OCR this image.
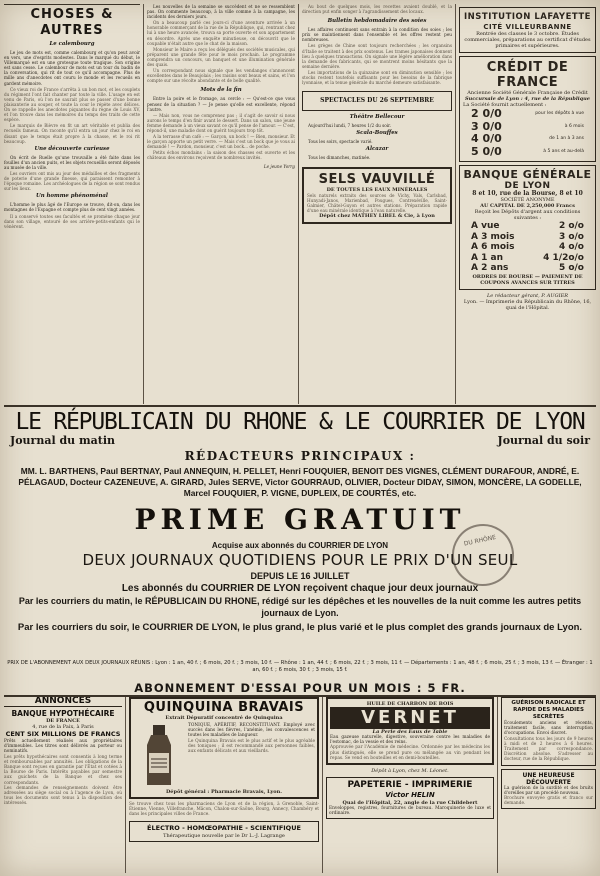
CHOSES & AUTRES
Le calembourg
Le jeu de mots est, comme calembourg et qu'on peut avoir en vers, une d'esprits modestes. Dans le marqué du début, le Villemarqué est en une grotesque toute tragique. Son origine est sans cesse. Le calembour de mots est un tour du badin de la conversation, qui rit de tout ce qu'il accompagne. Plus de mille ans d'anecdotes ont couru le monde et les recueils en gardent mémoire.
Ce vieux roi de France s'arrêta à un bon mot, et les couplets du régiment l'ont fait chanter par toute la ville. L'usage en est venu de Paris, où l'on ne saurait plus se passer d'une bonne plaisanterie au souper, et toute la cour le répète avec délices. On se rappelle les anecdotes piquantes du règne de Louis XV, et l'on trouve dans les mémoires du temps des traits de cette espèce.
Le marquis de Bièvre en fit un art véritable et publia des recueils fameux. On raconte qu'il entra un jour chez le roi en disant que le temps était propre à la chasse, et le roi rit beaucoup.
Une découverte curieuse
On écrit de Ruelle qu'une trouvaille a été faite dans les fouilles d'un ancien puits, et les objets recueillis seront déposés au musée de la ville.
Les ouvriers ont mis au jour des médailles et des fragments de poterie d'une grande finesse, qui paraissent remonter à l'époque romaine. Les archéologues de la région se sont rendus sur les lieux.
Un homme phénoménal
L'homme le plus âgé de l'Europe se trouve, dit-on, dans les montagnes de l'Espagne et compte plus de cent vingt années.
Il a conservé toutes ses facultés et se promène chaque jour dans son village, entouré de ses arrière-petits-enfants qui le vénèrent.
Les nouvelles de la semaine se succèdent et ne se ressemblent pas. On commente beaucoup, à la ville comme à la campagne, les incidents des derniers jours.
On a beaucoup parlé ces jours-ci d'une aventure arrivée à un honorable commerçant de la rue de la République, qui, rentrant chez lui à une heure avancée, trouva sa porte ouverte et son appartement en désordre. Après une enquête minutieuse, on découvrit que le coupable n'était autre que le chat de la maison.
Monsieur le Maire a reçu les délégués des sociétés musicales, qui préparent une grande fête pour le mois prochain. Le programme comprendra un concours, un banquet et une illumination générale des quais.
Un correspondant nous signale que les vendanges s'annoncent excellentes dans le Beaujolais ; les raisins sont beaux et sains, et l'on compte sur une récolte abondante et de belle qualité.
Mots de la fin
Entre la poire et le fromage, au cercle : — Qu'est-ce que vous pensez de la situation ? — Je pense qu'elle est excellente, répond l'autre.
— Mais non, vous ne comprenez pas ; il s'agit de savoir si nous aurons le temps d'en finir avant le dessert. Dans un salon, une jeune femme demande à un vieux savant ce qu'il pense de l'amour. — C'est, répond-il, une maladie dont on guérit toujours trop tôt.
A la terrasse d'un café : — Garçon, un bock ! — Bien, monsieur. Et le garçon apporte un petit verre. — Mais c'est un bock que je vous ai demandé ! — Pardon, monsieur, c'est un bock... de poche.
Petits échos mondains : la saison des chasses est ouverte et les châteaux des environs reçoivent de nombreux invités.
Le jeune Yorrg
Au bout de quelques mois, les recettes avaient doublé, et la direction put enfin songer à l'agrandissement des locaux.
Bulletin hebdomadaire des soies
Les affaires continuent sans entrain à la condition des soies ; les prix se maintiennent dans l'ensemble et les offres restent peu nombreuses.
Les grèges de Chine sont toujours recherchées ; les organsins d'Italie se traitent à des prix soutenus. Les trames japonaises donnent lieu à quelques transactions. On signale une légère amélioration dans la demande des fabricants, qui se montrent moins hésitants que la semaine dernière.
Les importations de la quinzaine sont en diminution sensible ; les stocks restent toutefois suffisants pour les besoins de la fabrique lyonnaise, et la tenue générale du marché demeure satisfaisante.
SPECTACLES DU 26 SEPTEMBRE
Théâtre Bellecour
Aujourd'hui lundi, 7 heures 1/2 du soir.
Scala-Bouffes
Tous les soirs, spectacle varié.
Alcazar
Tous les dimanches, matinée.
SELS VAUVILLÉ
DE TOUTES LES EAUX MINÉRALES
Sels naturels extraits des sources de Vichy, Vals, Carlsbad, Hunyadi-Janos, Marienbad, Pougues, Contrexéville, Saint-Galmier, Châtel-Guyon et autres stations. Préparation rapide d'une eau minérale identique à l'eau naturelle.
Dépôt chez MATHEY LIBEL & Cie, à Lyon
INSTITUTION LAFAYETTE
CITÉ VILLEURBANNE
Rentrée des classes le 3 octobre. Études commerciales, préparations au certificat d'études primaires et supérieures.
CRÉDIT DE FRANCE
Ancienne Société Générale Française de Crédit
Succursale de Lyon : 4, rue de la République
La Société fournit actuellement :
2 0/0	pour les dépôts à vue
3 0/0	à 6 mois
4 0/0	de 1 an à 3 ans
5 0/0	à 5 ans et au-delà
BANQUE GÉNÉRALE
DE LYON
8 et 10, rue de la Bourse, 8 et 10
SOCIÉTÉ ANONYME
AU CAPITAL DE 2,250,000 Francs
Reçoit les Dépôts d'argent aux conditions suivantes :
A vue	2 o/o
A 3 mois	3 o/o
A 6 mois	4 o/o
A 1 an	4 1/2o/o
A 2 ans	5 o/o
ORDRES DE BOURSE — PAIEMENT DE COUPONS AVANCES SUR TITRES
Le rédacteur gérant, P. AUGIER
Lyon. — Imprimerie du Républicain du Rhône, 16, quai de l'Hôpital.
LE RÉPUBLICAIN DU RHONE & LE COURRIER DE LYON
Journal du matin	Journal du soir
RÉDACTEURS PRINCIPAUX :
MM. L. BARTHENS, Paul BERTNAY, Paul ANNEQUIN, H. PELLET, Henri FOUQUIER, BENOIT DES VIGNES, CLÉMENT DURAFOUR, ANDRÉ, E. PÉLAGAUD, Docteur CAZENEUVE, A. GIRARD, Jules SERVE, Victor GOURRAUD, OLIVIER, Docteur DIDAY, SIMON, MONCÈRE, LA GODELLE, Marcel FOUQUIER, P. VIGNE, DUPLEIX, DE COURTÉS, etc.
PRIME GRATUIT

DU RHÔNE
Acquise aux abonnés du COURRIER DE LYON
DEUX JOURNAUX QUOTIDIENS POUR LE PRIX D'UN SEUL
DEPUIS LE 16 JUILLET
Les abonnés du COURRIER DE LYON reçoivent chaque jour deux journaux
Par les courriers du matin, le RÉPUBLICAIN DU RHONE, rédigé sur les dépêches et les nouvelles de la nuit comme les autres petits journaux de Lyon.
Par les courriers du soir, le COURRIER DE LYON, le plus grand, le plus varié et le plus complet des grands journaux de Lyon.
PRIX DE L'ABONNEMENT AUX DEUX JOURNAUX RÉUNIS : Lyon : 1 an, 40 f. ; 6 mois, 20 f. ; 3 mois, 10 f. — Rhône : 1 an, 44 f. ; 6 mois, 22 f. ; 3 mois, 11 f. — Départements : 1 an, 48 f. ; 6 mois, 25 f. ; 3 mois, 13 f. — Étranger : 1 an, 60 f. ; 6 mois, 30 f. ; 3 mois, 15 f.
ABONNEMENT D'ESSAI POUR UN MOIS : 5 FR.
ANNONCES
BANQUE HYPOTHÉCAIRE
DE FRANCE
4, rue de la Paix, à Paris
CENT SIX MILLIONS DE FRANCS
Prêts actuellement réalisés aux propriétaires d'immeubles. Les titres sont délivrés au porteur ou nominatifs.
Les prêts hypothécaires sont consentis à long terme et remboursables par annuités. Les obligations de la Banque sont reçues en garantie par l'État et cotées à la Bourse de Paris. Intérêts payables par semestre aux guichets de la Banque et chez ses correspondants.
Les demandes de renseignements doivent être adressées au siège social ou à l'agence de Lyon, où tous les documents sont tenus à la disposition des intéressés.
QUINQUINA BRAVAIS
Extrait Dépuratif concentré de Quinquina
TONIQUE, APÉRITIF, RECONSTITUANT. Employé avec succès dans les fièvres, l'anémie, les convalescences et toutes les maladies de langueur.
Le Quinquina Bravais est le plus actif et le plus agréable des toniques ; il est recommandé aux personnes faibles, aux enfants délicats et aux vieillards.
Dépôt général : Pharmacie Bravais, Lyon.
Se trouve chez tous les pharmaciens de Lyon et de la région, à Grenoble, Saint-Étienne, Vienne, Villefranche, Mâcon, Chalon-sur-Saône, Bourg, Annecy, Chambéry et dans les principales villes de France.
ÉLECTRO - HOMŒOPATHIE - SCIENTIFIQUE
Thérapeutique nouvelle par le Dr L.-J. Lagrange
HUILE DE CHARBON DE BOIS
VERNET
La Perle des Eaux de Table
Eau gazeuse naturelle, digestive, souveraine contre les maladies de l'estomac, de la vessie et des reins.
Approuvée par l'Académie de médecine. Ordonnée par les médecins les plus distingués, elle se prend pure ou mélangée au vin pendant les repas. Se vend en bouteilles et en demi-bouteilles.
Dépôt à Lyon, chez M. Léonet.
PAPETERIE - IMPRIMERIE
Victor HELIN
Quai de l'Hôpital, 22, angle de la rue Childebert
Enveloppes, registres, fournitures de bureau. Maroquinerie de luxe et ordinaire.
GUÉRISON RADICALE ET RAPIDE DES MALADIES SECRÈTES
Écoulements anciens et récents, traitement facile, sans interruption d'occupations. Envoi discret.
Consultations tous les jours de 9 heures à midi et de 2 heures à 6 heures. Traitement par correspondance. Discrétion absolue. S'adresser au docteur, rue de la République.
UNE HEUREUSE DÉCOUVERTE
La guérison de la surdité et des bruits d'oreilles par un procédé nouveau.
Brochure envoyée gratis et franco sur demande.
